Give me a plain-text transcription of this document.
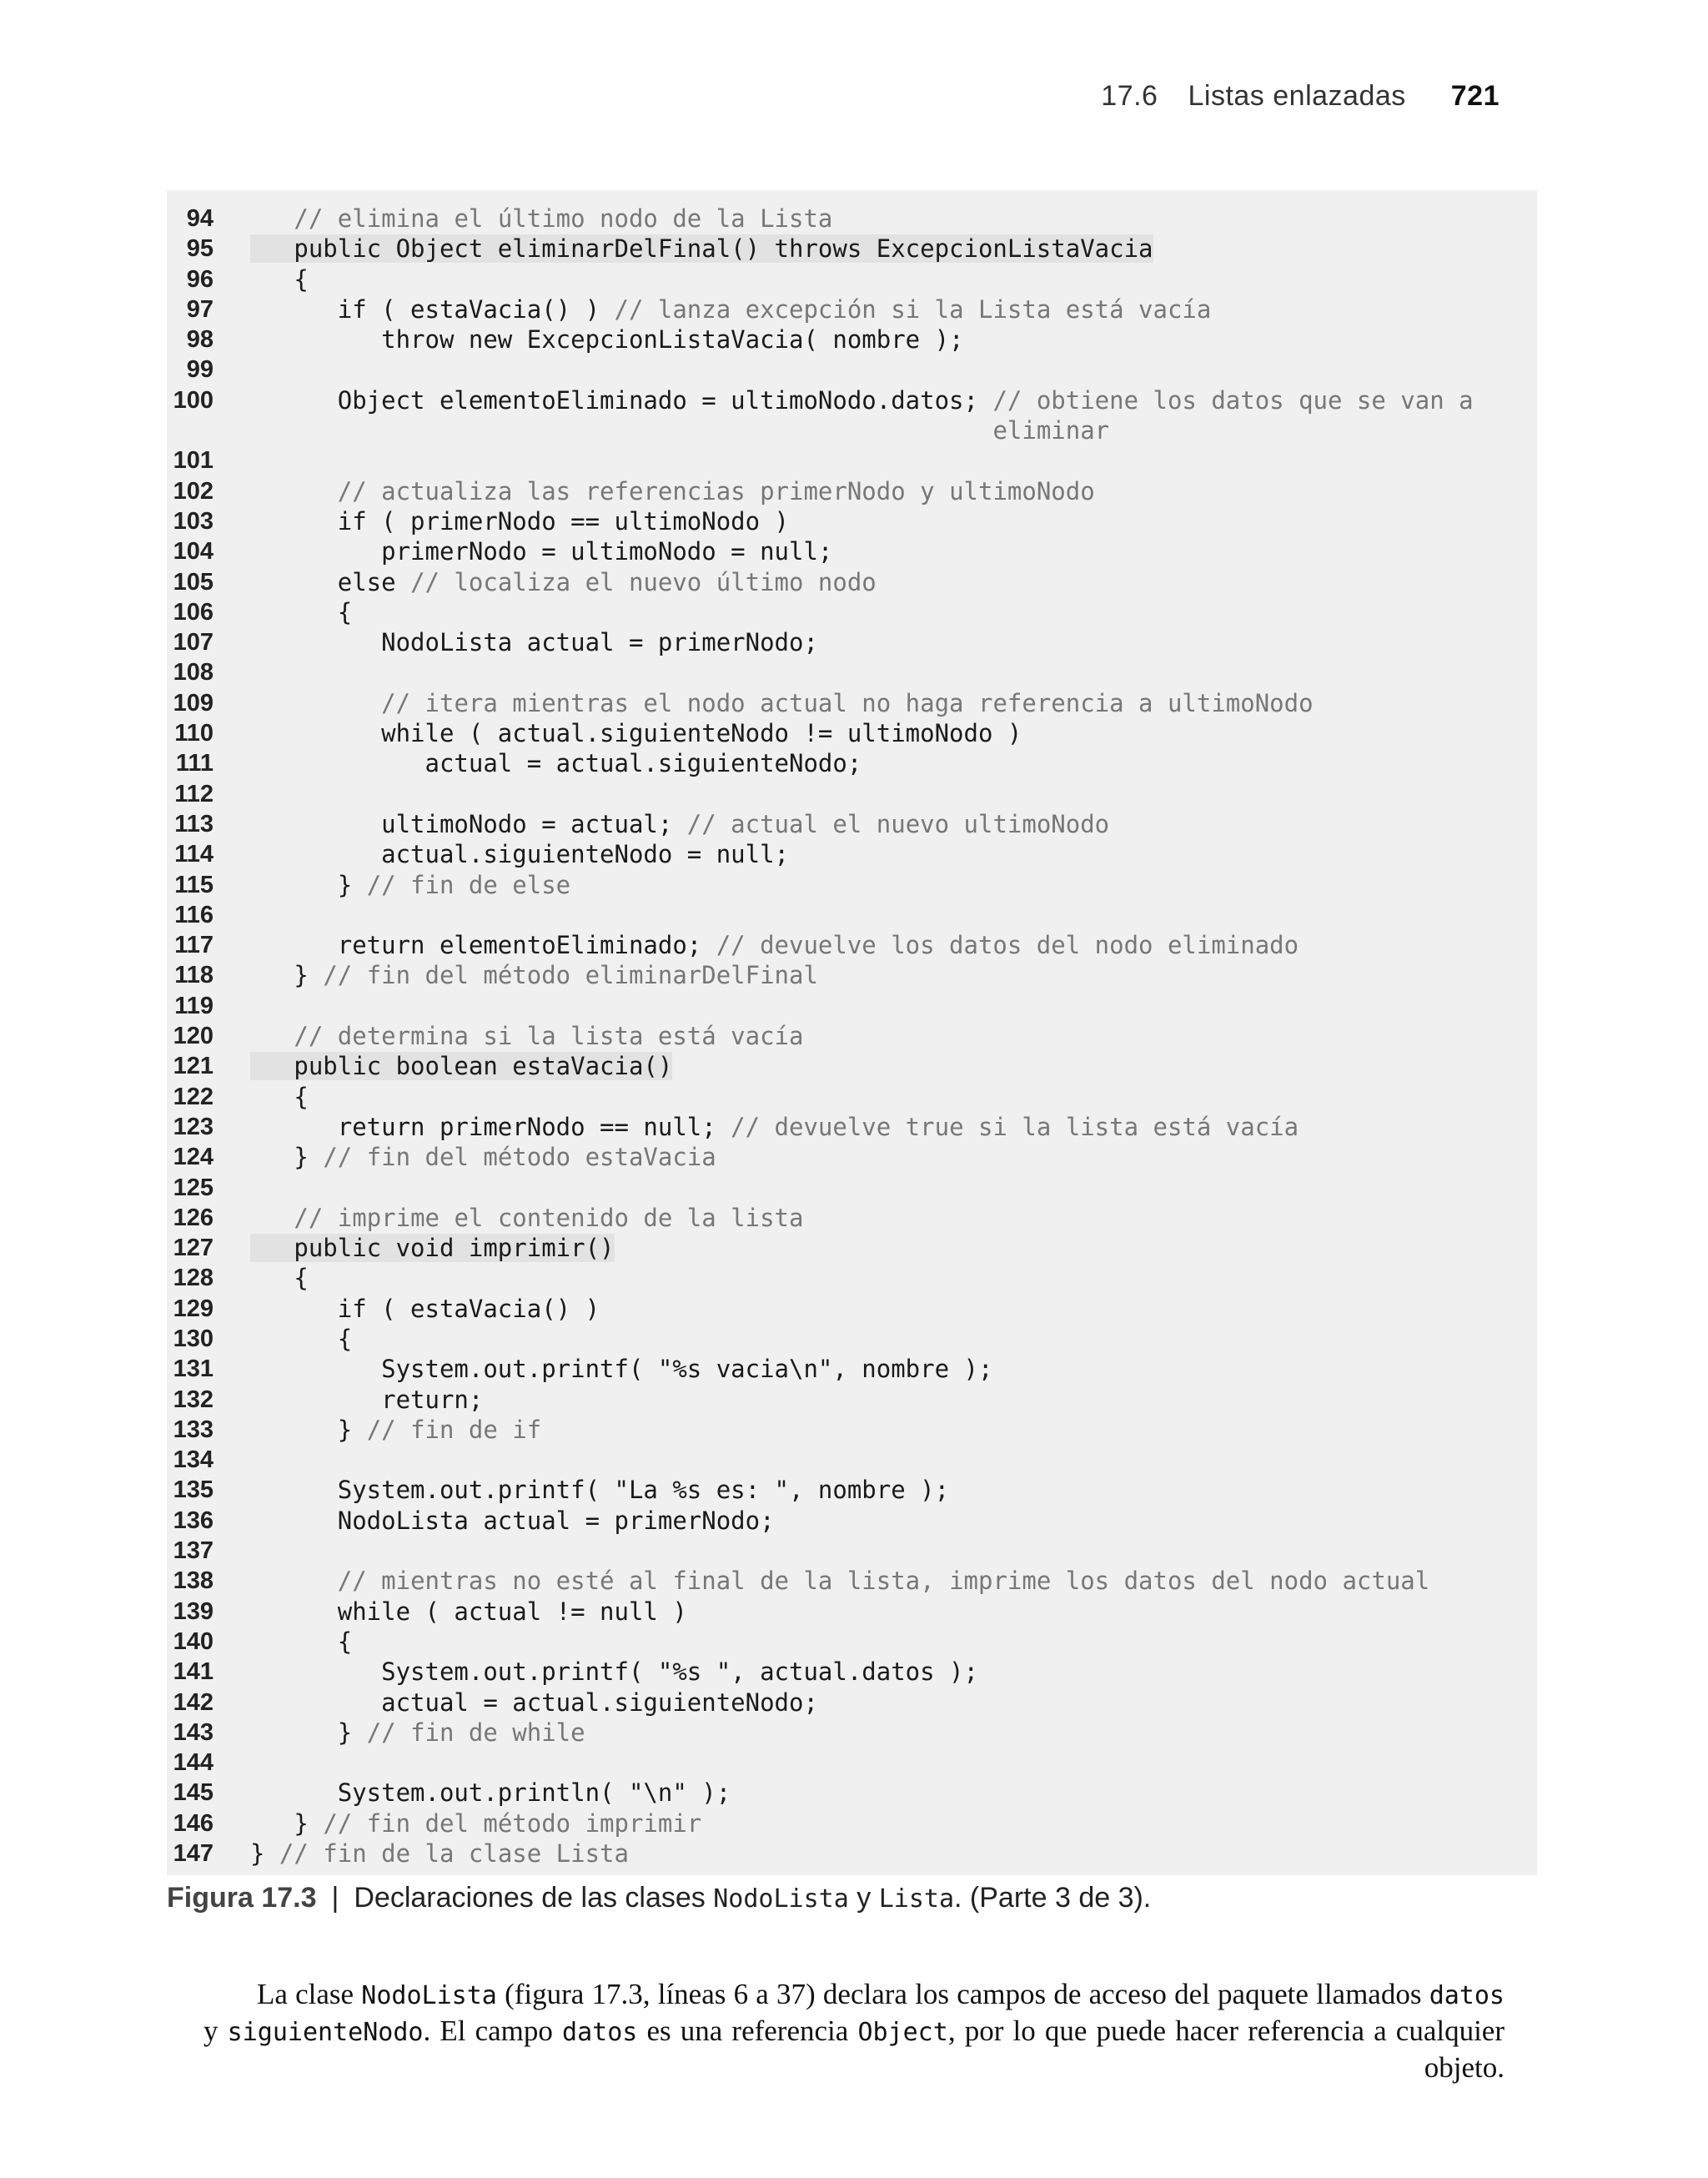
17.6 Listas enlazadas 721
94	// elimina el último nodo de la Lista
95 public Object eliminarDelFinal() throws ExcepcionListaVacia
96 {
97 if ( estaVacia() ) // lanza excepción si la Lista está vacía
98 throw new ExcepcionListaVacia( nombre );
99
100 Object elementoEliminado = ultimoNodo.datos; // obtiene los datos que se van a
eliminar
101
102	// actualiza las referencias primerNodo y ultimoNodo
103 if ( primerNodo == ultimoNodo )
104 primerNodo = ultimoNodo = null;
105 else // localiza el nuevo último nodo
106 {
107 NodoLista actual = primerNodo;
108
109	// itera mientras el nodo actual no haga referencia a ultimoNodo
110 while ( actual.siguienteNodo != ultimoNodo )
111 actual = actual.siguienteNodo;
112
113 ultimoNodo = actual; // actual el nuevo ultimoNodo
114 actual.siguienteNodo = null;
115 } // fin de else
116
117 return elementoEliminado; // devuelve los datos del nodo eliminado
118 } // fin del método eliminarDelFinal
119
120	// determina si la lista está vacía
121 public boolean estaVacia()
122 {
123 return primerNodo == null; // devuelve true si la lista está vacía
124 } // fin del método estaVacia
125
126	// imprime el contenido de la lista
127 public void imprimir()
128 {
129 if ( estaVacia() )
130 {
131 System.out.printf( "%s vacia\n", nombre );
132 return;
133 } // fin de if
134
135 System.out.printf( "La %s es: ", nombre );
136 NodoLista actual = primerNodo;
137
138	// mientras no esté al final de la lista, imprime los datos del nodo actual
139 while ( actual != null )
140 {
141 System.out.printf( "%s ", actual.datos );
142 actual = actual.siguienteNodo;
143 } // fin de while
144
145 System.out.println( "\n" );
146 } // fin del método imprimir
147 } // fin de la clase Lista
Figura 17.3 | Declaraciones de las clases NodoLista y Lista. (Parte 3 de 3).
La clase NodoLista (figura 17.3, líneas 6 a 37) declara los campos de acceso del paquete llamados datos y siguienteNodo. El campo datos es una referencia Object, por lo que puede hacer referencia a cualquier objeto.
